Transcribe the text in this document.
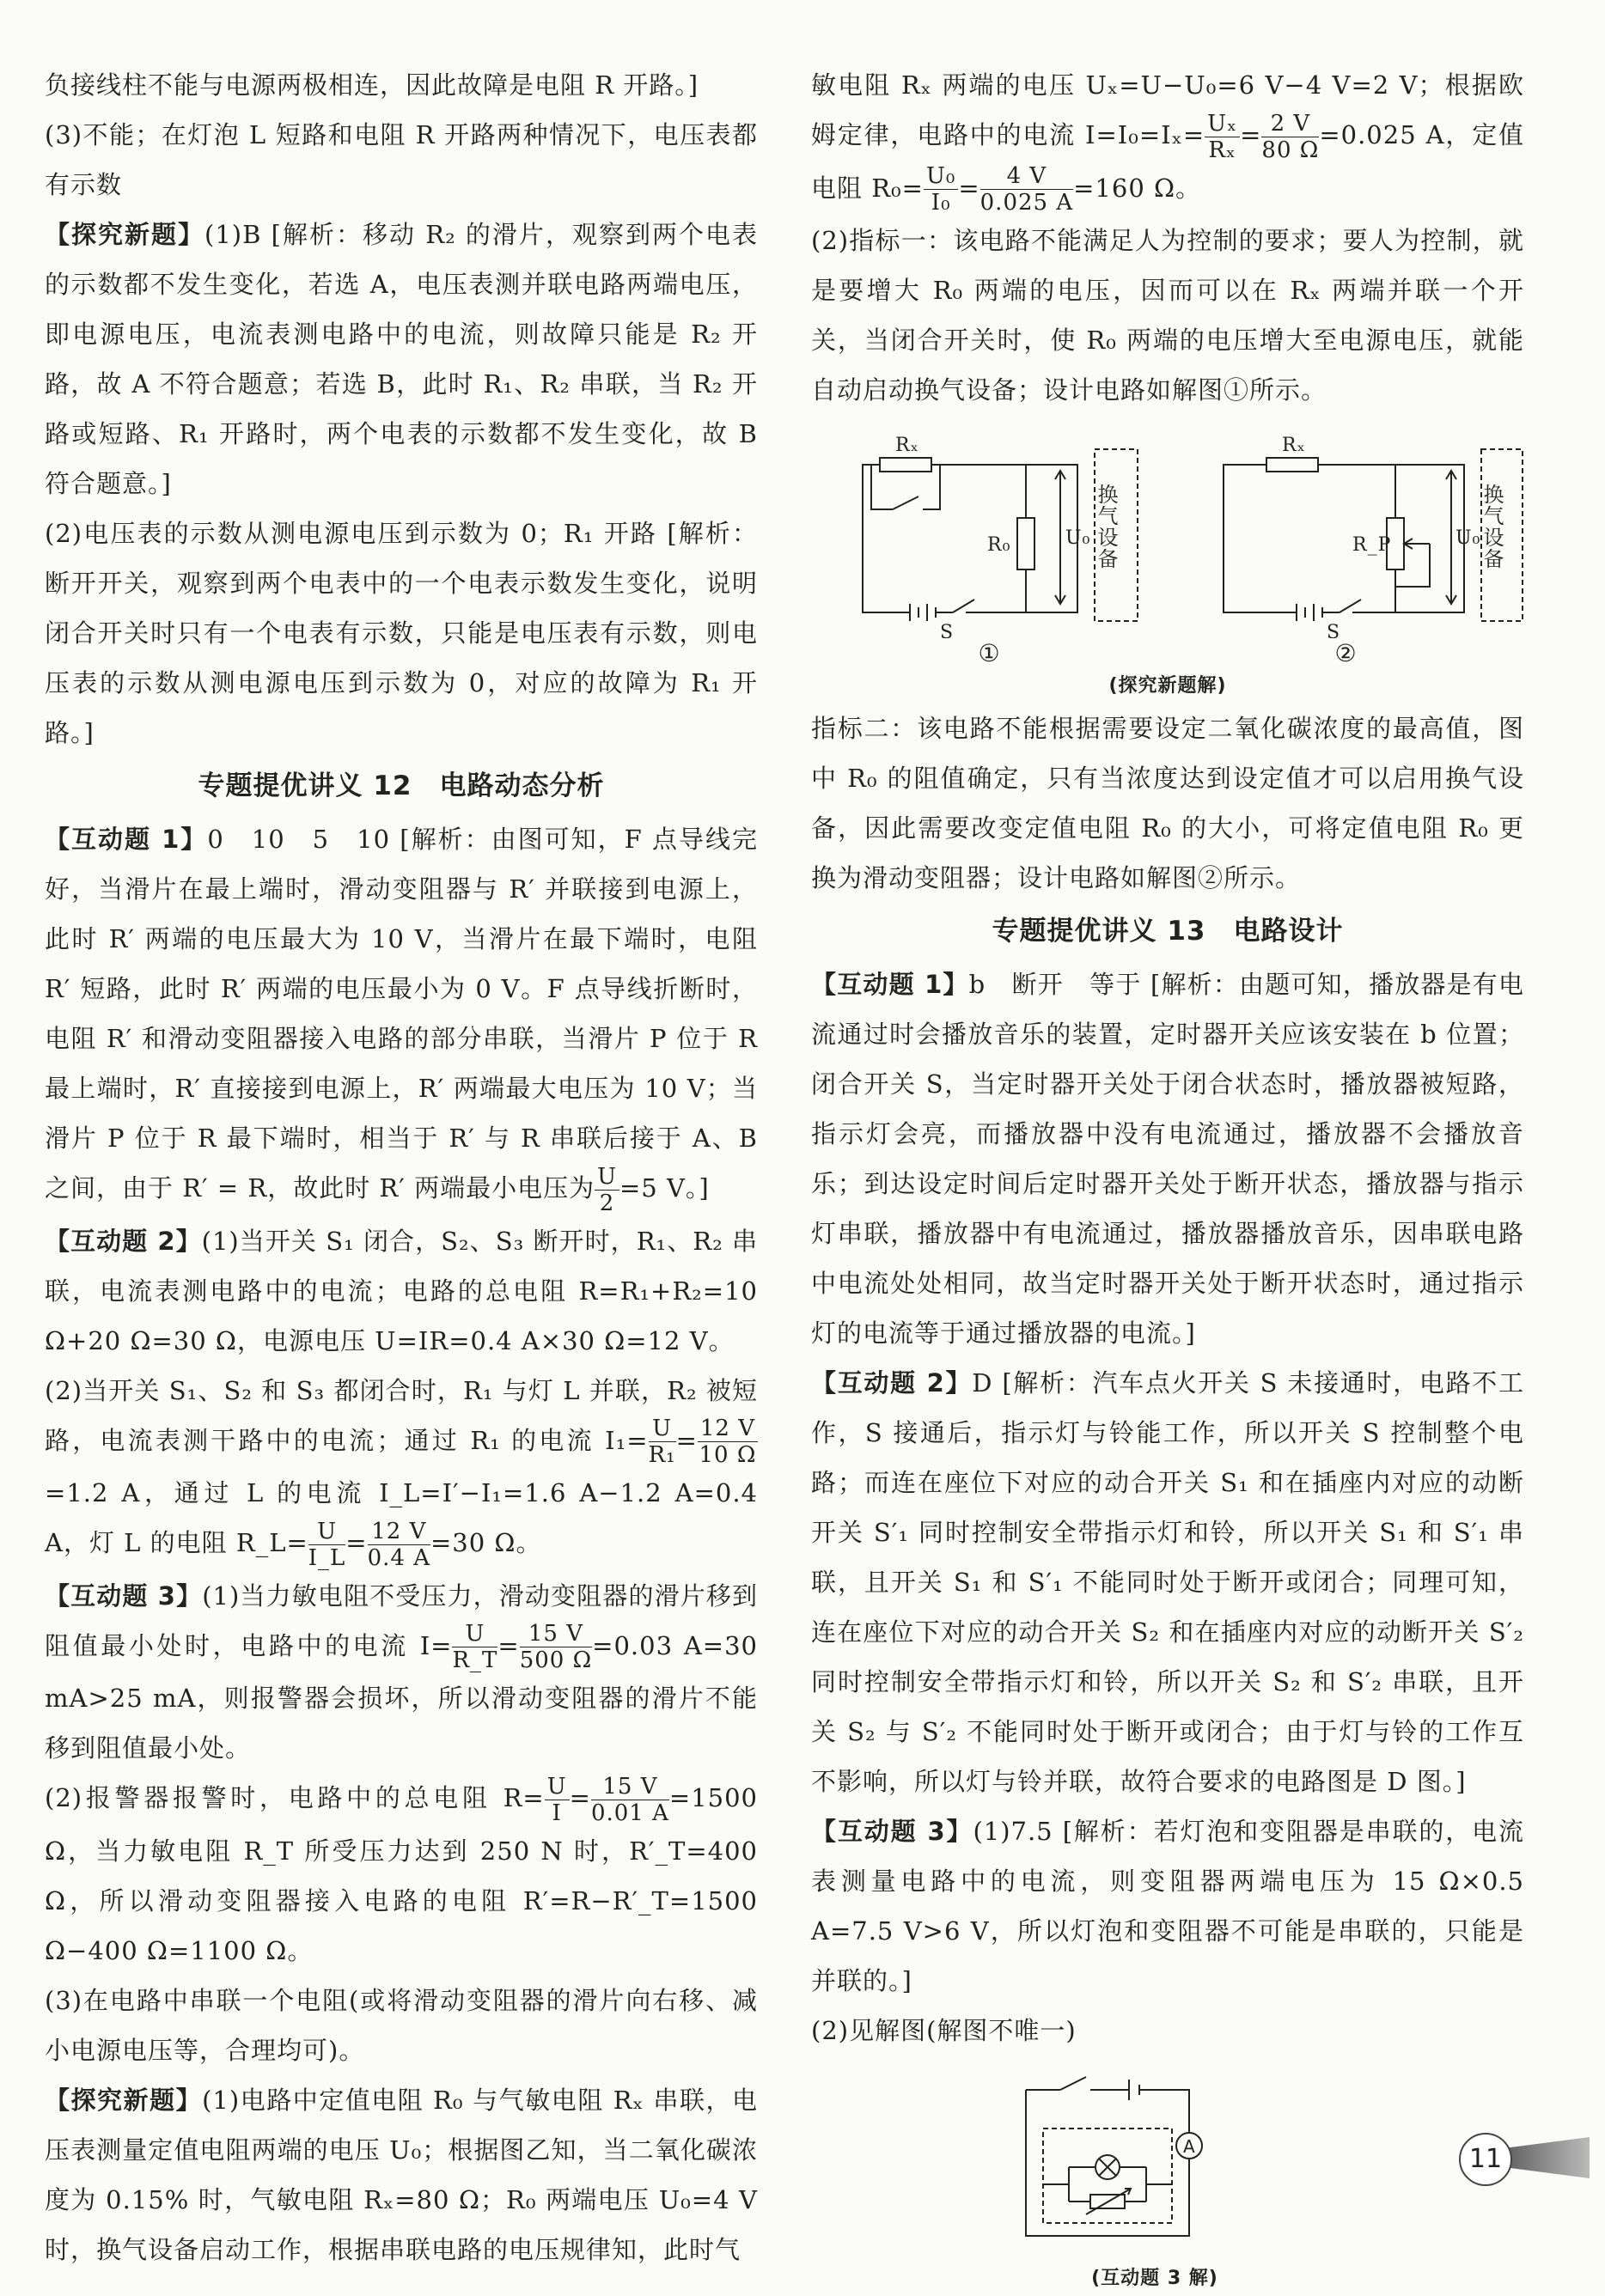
负接线柱不能与电源两极相连，因此故障是电阻 R 开路。]

(3)不能；在灯泡 L 短路和电阻 R 开路两种情况下，电压表都有示数

【探究新题】(1)B [解析：移动 R₂ 的滑片，观察到两个电表的示数都不发生变化，若选 A，电压表测并联电路两端电压，即电源电压，电流表测电路中的电流，则故障只能是 R₂ 开路，故 A 不符合题意；若选 B，此时 R₁、R₂ 串联，当 R₂ 开路或短路、R₁ 开路时，两个电表的示数都不发生变化，故 B 符合题意。]

(2)电压表的示数从测电源电压到示数为 0；R₁ 开路 [解析：断开开关，观察到两个电表中的一个电表示数发生变化，说明闭合开关时只有一个电表有示数，只能是电压表有示数，则电压表的示数从测电源电压到示数为 0，对应的故障为 R₁ 开路。]

专题提优讲义 12　电路动态分析

【互动题 1】0　10　5　10 [解析：由图可知，F 点导线完好，当滑片在最上端时，滑动变阻器与 R′ 并联接到电源上，此时 R′ 两端的电压最大为 10 V，当滑片在最下端时，电阻 R′ 短路，此时 R′ 两端的电压最小为 0 V。F 点导线折断时，电阻 R′ 和滑动变阻器接入电路的部分串联，当滑片 P 位于 R 最上端时，R′ 直接接到电源上，R′ 两端最大电压为 10 V；当滑片 P 位于 R 最下端时，相当于 R′ 与 R 串联后接于 A、B 之间，由于 R′ = R，故此时 R′ 两端最小电压为 $\frac{U}{2} =5$ V。]

【互动题 2】(1)当开关 S₁ 闭合，S₂、S₃ 断开时，R₁、R₂ 串联，电流表测电路中的电流；电路的总电阻 R=R₁+R₂=10 Ω+20 Ω=30 Ω，电源电压 U=IR=0.4 A×30 Ω=12 V。

(2)当开关 S₁、S₂ 和 S₃ 都闭合时，R₁ 与灯 L 并联，R₂ 被短路，电流表测干路中的电流；通过 R₁ 的电流 $I_1= \frac{U}{\text{R₁}} = \frac{12 V}{10 \Omega}$
=1.2 A，通过 L 的电流 I_L=I′−I₁=1.6 A−1.2 A=0.4 A，灯 L 的电阻 R_L= $\frac{U}{I\_L} = \frac{12 V}{0.4 A} =30$ Ω。

【互动题 3】(1)当力敏电阻不受压力，滑动变阻器的滑片移到阻值最小处时，电路中的电流 $I= \frac{U}{R\_T} = \frac{15 V}{500 \Omega} =0.03$ A=30 mA>25 mA，则报警器会损坏，所以滑动变阻器的滑片不能移到阻值最小处。

(2)报警器报警时，电路中的总电阻 $R= \frac{U}{I} = \frac{15 V}{0.01 A} =1500$ Ω，当力敏电阻 R_T 所受压力达到 250 N 时，R′_T=400 Ω，所以滑动变阻器接入电路的电阻 R′=R−R′_T=1500 Ω−400 Ω=1100 Ω。

(3)在电路中串联一个电阻(或将滑动变阻器的滑片向右移、减小电源电压等，合理均可)。

【探究新题】(1)电路中定值电阻 R₀ 与气敏电阻 Rₓ 串联，电压表测量定值电阻两端的电压 U₀；根据图乙知，当二氧化碳浓度为 0.15% 时，气敏电阻 Rₓ=80 Ω；R₀ 两端电压 U₀=4 V 时，换气设备启动工作，根据串联电路的电压规律知，此时气

敏电阻 Rₓ 两端的电压 Uₓ=U−U₀=6 V−4 V=2 V；根据欧姆定律，电路中的电流 $I=I_0=I_x= \frac{\text{Uₓ}}{\text{Rₓ}} = \frac{2 V}{80 \Omega} =0.025$ A，定值电阻 $R_0= \frac{\text{U₀}}{\text{I₀}} = \frac{4 V}{0.025 A} =160$ Ω。

(2)指标一：该电路不能满足人为控制的要求；要人为控制，就是要增大 R₀ 两端的电压，因而可以在 Rₓ 两端并联一个开关，当闭合开关时，使 R₀ 两端的电压增大至电源电压，就能自动启动换气设备；设计电路如解图①所示。

Rₓ
R₀	U₀
S
Rₓ
R_P	U₀
S
换气设备	换气设备
①	②
(探究新题解)

指标二：该电路不能根据需要设定二氧化碳浓度的最高值，图中 R₀ 的阻值确定，只有当浓度达到设定值才可以启用换气设备，因此需要改变定值电阻 R₀ 的大小，可将定值电阻 R₀ 更换为滑动变阻器；设计电路如解图②所示。

专题提优讲义 13　电路设计

【互动题 1】b　断开　等于 [解析：由题可知，播放器是有电流通过时会播放音乐的装置，定时器开关应该安装在 b 位置；闭合开关 S，当定时器开关处于闭合状态时，播放器被短路，指示灯会亮，而播放器中没有电流通过，播放器不会播放音乐；到达设定时间后定时器开关处于断开状态，播放器与指示灯串联，播放器中有电流通过，播放器播放音乐，因串联电路中电流处处相同，故当定时器开关处于断开状态时，通过指示灯的电流等于通过播放器的电流。]

【互动题 2】D [解析：汽车点火开关 S 未接通时，电路不工作，S 接通后，指示灯与铃能工作，所以开关 S 控制整个电路；而连在座位下对应的动合开关 S₁ 和在插座内对应的动断开关 S′₁ 同时控制安全带指示灯和铃，所以开关 S₁ 和 S′₁ 串联，且开关 S₁ 和 S′₁ 不能同时处于断开或闭合；同理可知，连在座位下对应的动合开关 S₂ 和在插座内对应的动断开关 S′₂ 同时控制安全带指示灯和铃，所以开关 S₂ 和 S′₂ 串联，且开关 S₂ 与 S′₂ 不能同时处于断开或闭合；由于灯与铃的工作互不影响，所以灯与铃并联，故符合要求的电路图是 D 图。]

【互动题 3】(1)7.5 [解析：若灯泡和变阻器是串联的，电流表测量电路中的电流，则变阻器两端电压为 15 Ω×0.5 A=7.5 V>6 V，所以灯泡和变阻器不可能是串联的，只能是并联的。]

(2)见解图(解图不唯一)

A
(互动题 3 解)
11
